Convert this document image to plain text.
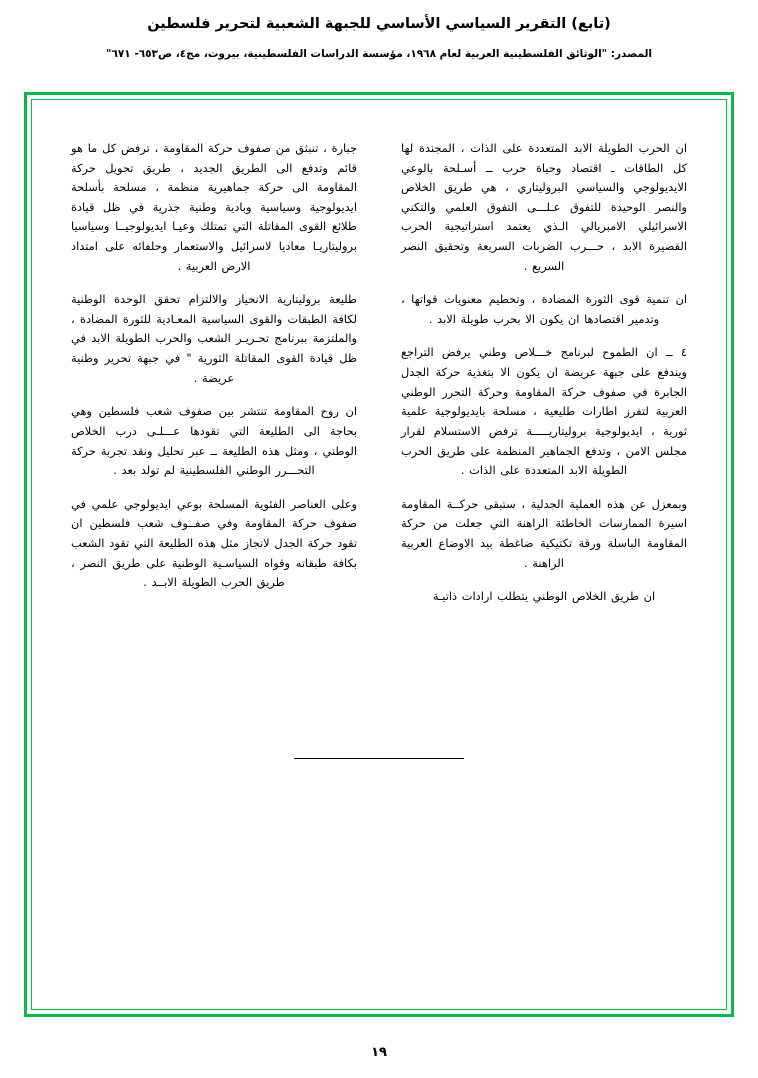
(تابع) التقرير السياسي الأساسي للجبهة الشعبية لتحرير فلسطين
المصدر: "الوثائق الفلسطينية العربية لعام ١٩٦٨، مؤسسة الدراسات الفلسطينية، بيروت، مج٤، ص٦٥٣- ٦٧١"

ان الحرب الطويلة الابد المتعددة على الذات ، المجندة لها كل الطاقات ـ اقتصاد وحياة حرب ــ أسـلحة بالوعي الايديولوجي والسياسي البروليتاري ، هي طريق الخلاص والنصر الوحيدة للتفوق عـلـــى التفوق العلمي والتكني الاسرائيلي الامبريالي الـذي يعتمد استراتيجية الحرب القصيرة الابد ، حـــرب الضربات السريعة وتحقيق النصر السريع .

ان تنمية قوى الثورة المضادة ، وتحطيم معنويات قواتها ، وتدمير اقتصادها ان يكون الا بحرب طويلة الابد .

٤ ــ ان الطموح لبرنامج خـــلاص وطني يرفض التراجع ويندفع على جبهة عريضة ان يكون الا بتغذية حركة الجدل الجابرة في صفوف حركة المقاومة وحركة التحرر الوطني العربية لتفرز اطارات طليعية ، مسلحة بايديولوجية علمية ثورية ، ايديولوجية بروليتاريـــــة ترفض الاستسلام لقرار مجلس الامن ، وتدفع الجماهير المنظمة على طريق الحرب الطويلة الابد المتعددة على الذات .

وبمعزل عن هذه العملية الجدلية ، ستبقى حركــة المقاومة اسيرة الممارسات الخاطئة الراهنة التي جعلت من حركة المقاومة الباسلة ورقة تكتيكية ضاغطة بيد الاوضاع العربية الراهنة .

ان طريق الخلاص الوطني يتطلب ارادات ذاتيـة

جبارة ، تنبثق من صفوف حركة المقاومة ، ترفض كل ما هو قائم وتدفع الى الطريق الجديد ، طريق تحويل حركة المقاومة الى حركة جماهيرية منظمة ، مسلحة بأسلحة ايديولوجية وسياسية وبادية وطنية جذرية في ظل قيادة طلائع القوى المقاتلة التي تمتلك وعيـا ايديولوجيــا وسياسيا بروليتاريـا معاديا لاسرائيل والاستعمار وحلفائه على امتداد الارض العربية .

طليعة بروليتارية الانحياز والالتزام تحقق الوحدة الوطنية لكافة الطبقات والقوى السياسية المعـادية للثورة المضادة ، والملتزمة ببرنامج تحـريـر الشعب والحرب الطويلة الابد في ظل قيادة القوى المقاتلة الثورية " في جبهة تحرير وطنية عريضة .

ان روح المقاومة تنتشر بين صفوف شعب فلسطين وهي بحاجة الى الطليعة التي تقودها عـــلـى درب الخلاص الوطني ، ومثل هذه الطليعة ــ عبر تحليل ونقد تجربة حركة التحـــرر الوطني الفلسطينية لم تولد بعد .

وعلى العناصر الفئوية المسلحة بوعي ايديولوجي علمي في صفوف حركة المقاومة وفي صفــوف شعب فلسطين ان تقود حركة الجدل لانجاز مثل هذه الطليعة التي تقود الشعب بكافة طبقاته وقواه السياسـية الوطنية على طريق النصر ، طريق الحرب الطويلة الابــد .

١٩
